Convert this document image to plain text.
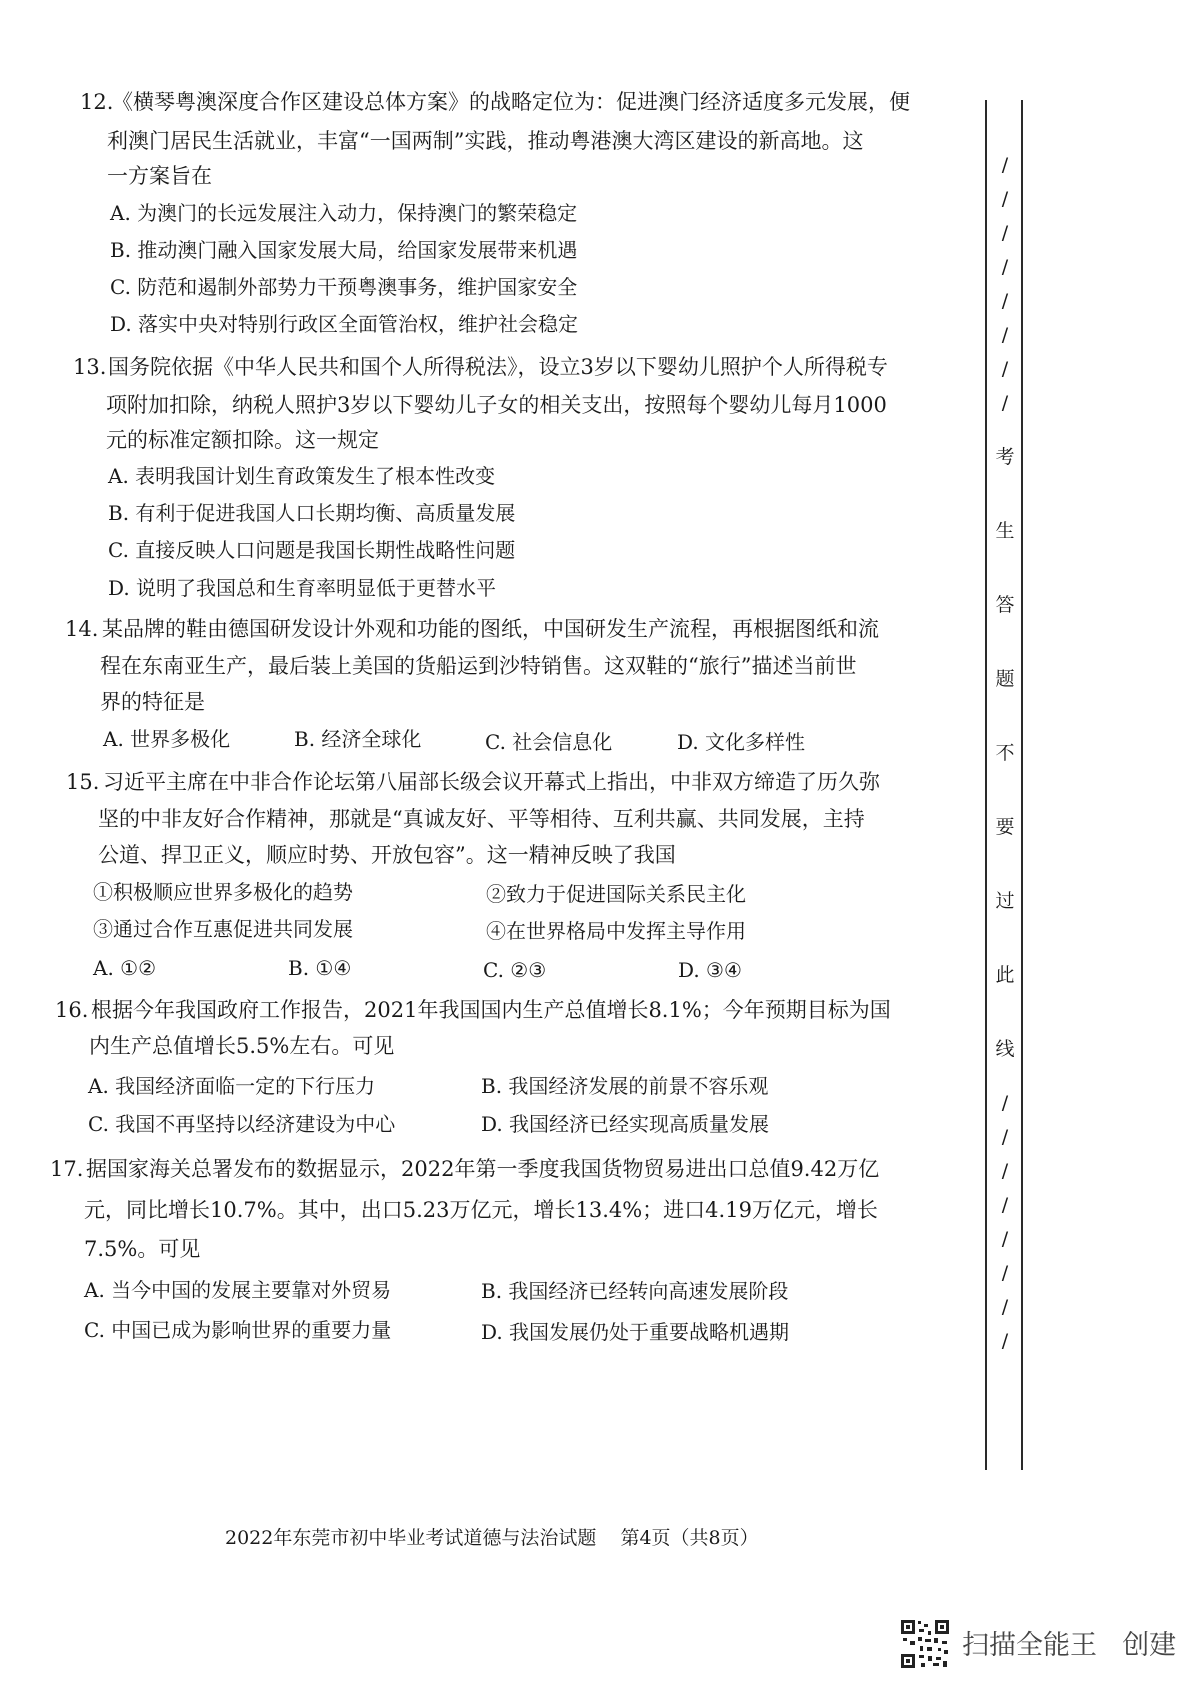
12.
《横琴粤澳深度合作区建设总体方案》的战略定位为：促进澳门经济适度多元发展，便
利澳门居民生活就业，丰富“一国两制”实践，推动粤港澳大湾区建设的新高地。这
一方案旨在
A. 为澳门的长远发展注入动力，保持澳门的繁荣稳定
B. 推动澳门融入国家发展大局，给国家发展带来机遇
C. 防范和遏制外部势力干预粤澳事务，维护国家安全
D. 落实中央对特别行政区全面管治权，维护社会稳定
13. 国务院依据《中华人民共和国个人所得税法》，设立3岁以下婴幼儿照护个人所得税专
项附加扣除，纳税人照护3岁以下婴幼儿子女的相关支出，按照每个婴幼儿每月1000
元的标准定额扣除。这一规定
A. 表明我国计划生育政策发生了根本性改变
B. 有利于促进我国人口长期均衡、高质量发展
C. 直接反映人口问题是我国长期性战略性问题
D. 说明了我国总和生育率明显低于更替水平
14. 某品牌的鞋由德国研发设计外观和功能的图纸，中国研发生产流程，再根据图纸和流
程在东南亚生产，最后装上美国的货船运到沙特销售。这双鞋的“旅行”描述当前世
界的特征是
A. 世界多极化	B. 经济全球化	C. 社会信息化	D. 文化多样性
15. 习近平主席在中非合作论坛第八届部长级会议开幕式上指出，中非双方缔造了历久弥
坚的中非友好合作精神，那就是“真诚友好、平等相待、互利共赢、共同发展，主持
公道、捍卫正义，顺应时势、开放包容”。这一精神反映了我国
①积极顺应世界多极化的趋势	②致力于促进国际关系民主化
③通过合作互惠促进共同发展	④在世界格局中发挥主导作用
A. ①②	B. ①④	C. ②③	D. ③④
16. 根据今年我国政府工作报告，2021年我国国内生产总值增长8.1%；今年预期目标为国
内生产总值增长5.5%左右。可见
A. 我国经济面临一定的下行压力	B. 我国经济发展的前景不容乐观
C. 我国不再坚持以经济建设为中心	D. 我国经济已经实现高质量发展
17. 据国家海关总署发布的数据显示，2022年第一季度我国货物贸易进出口总值9.42万亿
元，同比增长10.7%。其中，出口5.23万亿元，增长13.4%；进口4.19万亿元，增长
7.5%。可见
A. 当今中国的发展主要靠对外贸易	B. 我国经济已经转向高速发展阶段
C. 中国已成为影响世界的重要力量	D. 我国发展仍处于重要战略机遇期
/
/
/
/
/
/
/
/
考
生
答
题
不
要
过
此
线
/
/
/
/
/
/
/
/
2022年东莞市初中毕业考试道德与法治试题 第4页（共8页）
扫描全能王 创建
